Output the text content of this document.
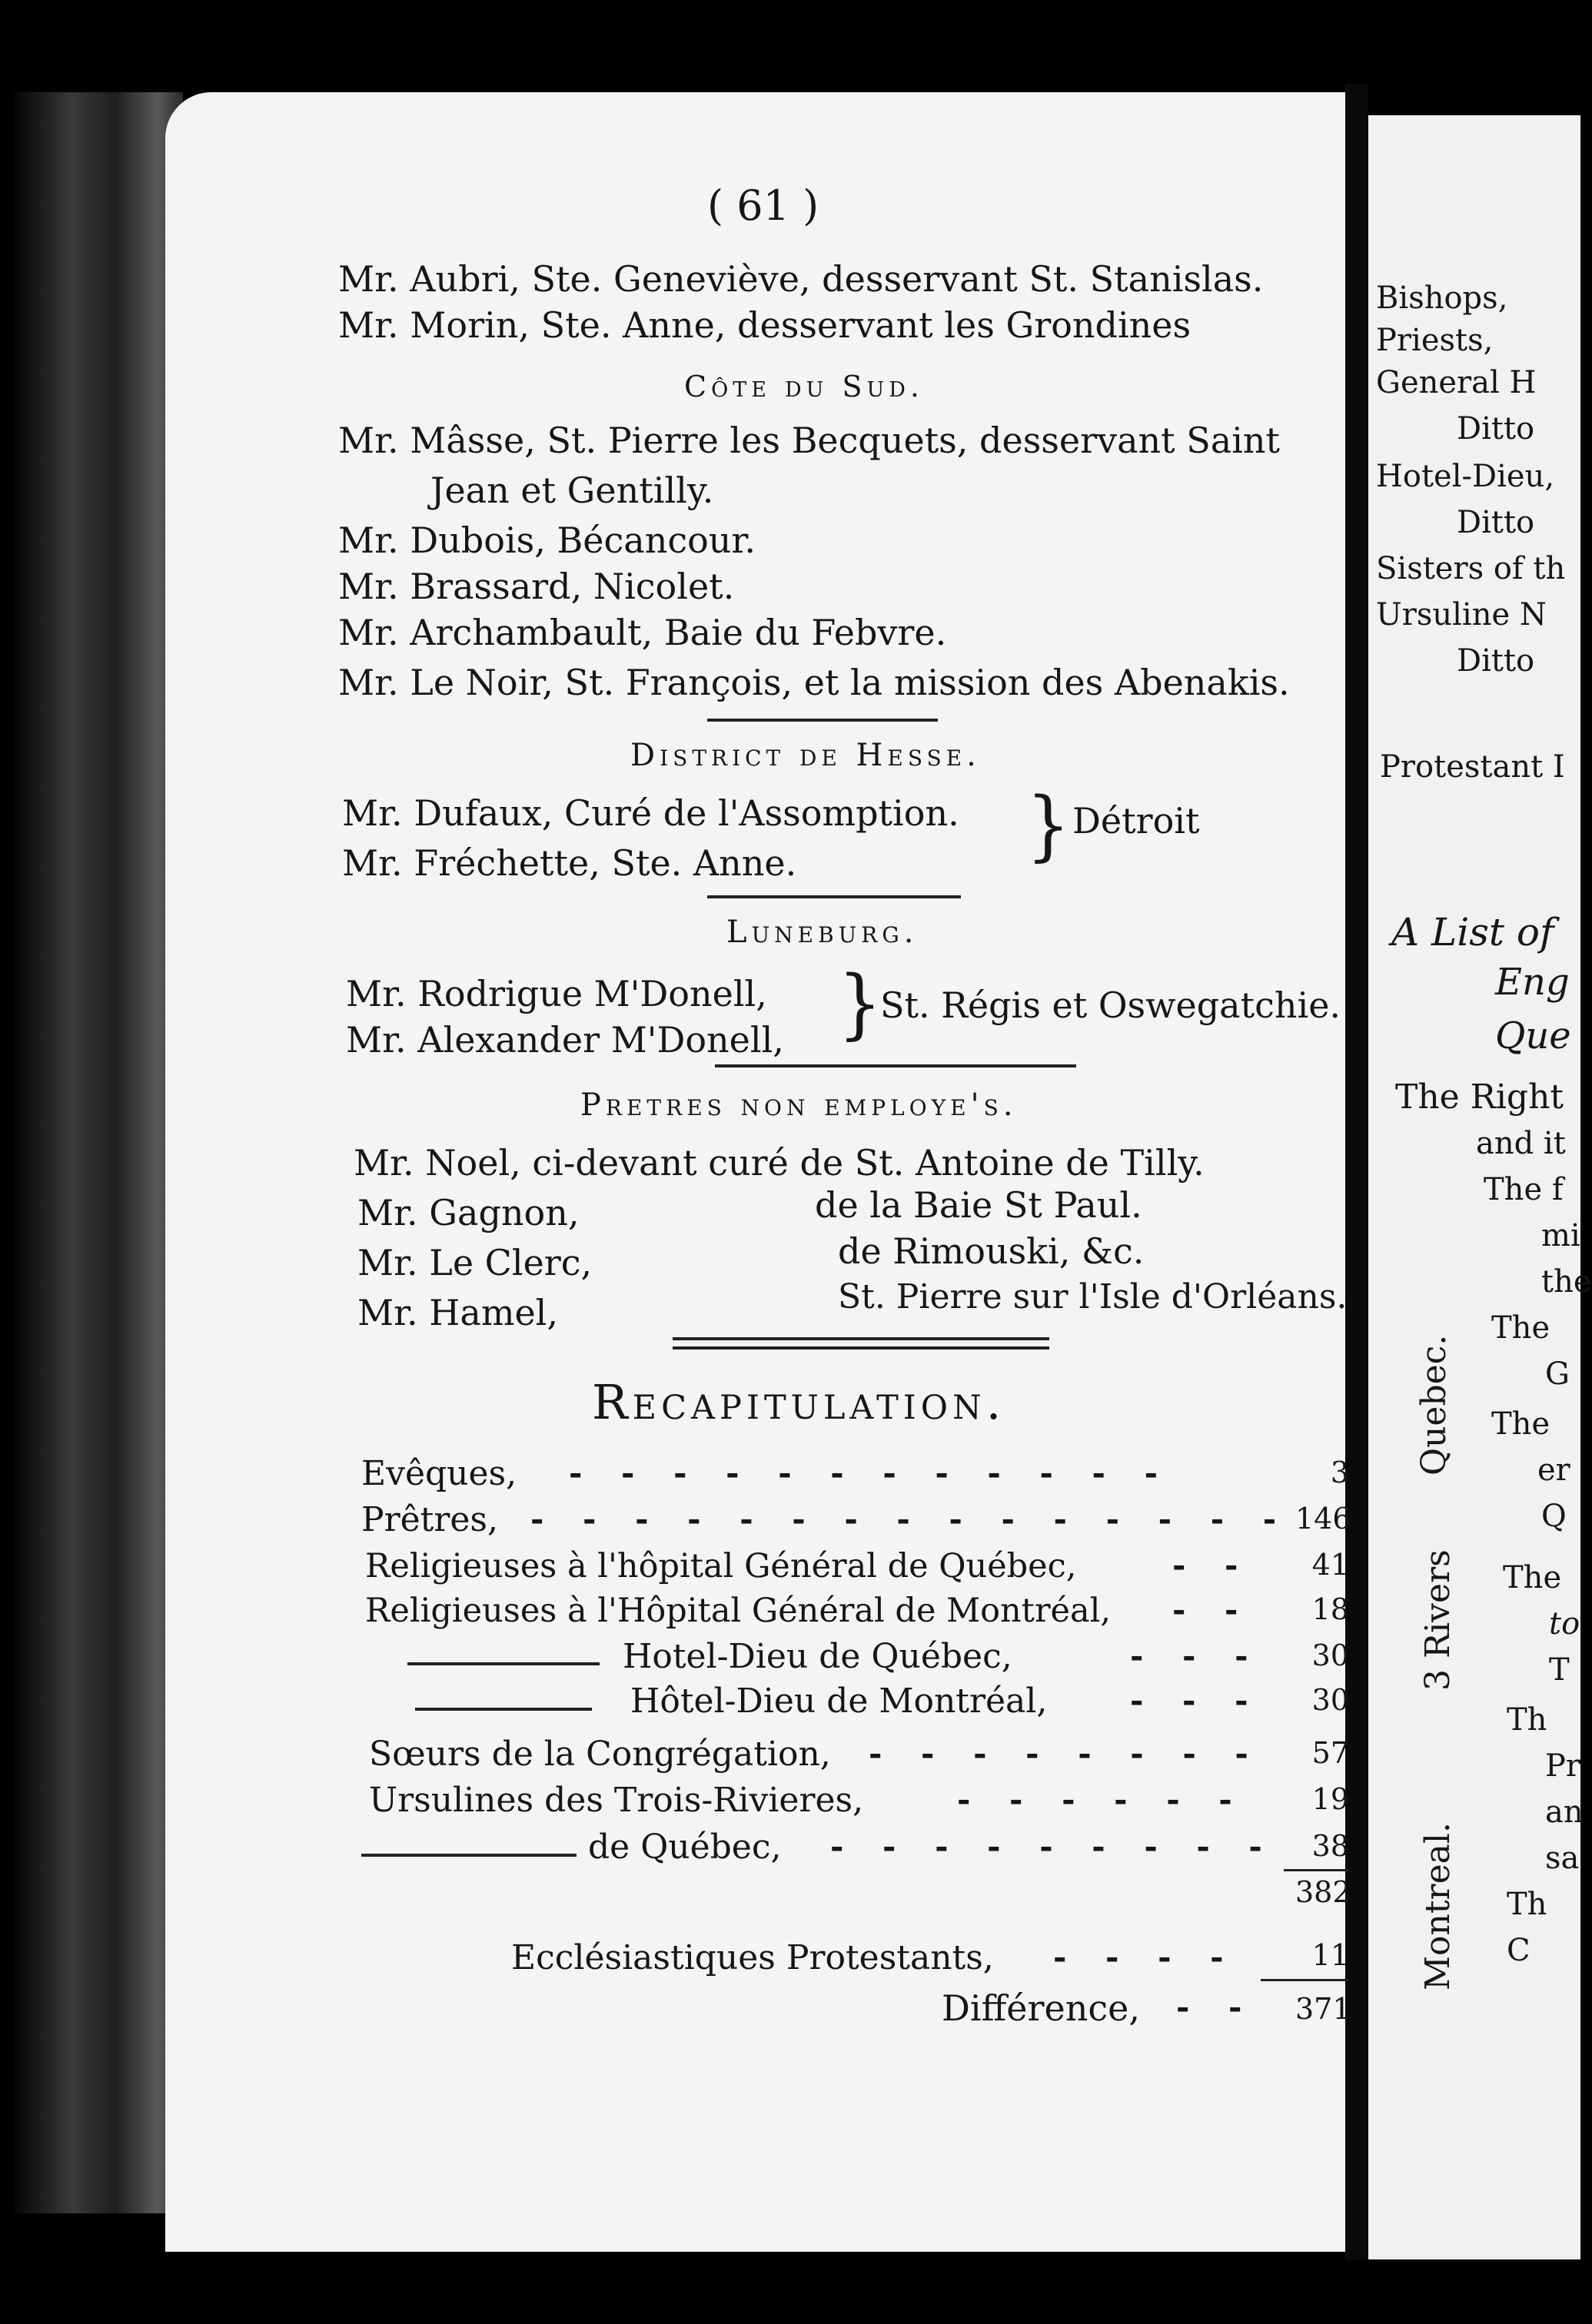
( 61 )
Mr. Aubri, Ste. Geneviève, desservant St. Stanislas.
Mr. Morin, Ste. Anne, desservant les Grondines
Côte du Sud.
Mr. Mâsse, St. Pierre les Becquets, desservant Saint
Jean et Gentilly.
Mr. Dubois, Bécancour.
Mr. Brassard, Nicolet.
Mr. Archambault, Baie du Febvre.
Mr. Le Noir, St. François, et la mission des Abenakis.
District de Hesse.
Mr. Dufaux, Curé de l'Assomption.
Mr. Fréchette, Ste. Anne.	} Détroit
Luneburg.
Mr. Rodrigue M'Donell,
Mr. Alexander M'Donell, }
St. Régis et Oswegatchie.
Pretres non employe's.
Mr. Noel, ci-devant curé de St. Antoine de Tilly.
Mr. Gagnon,	de la Baie St Paul.
Mr. Le Clerc,	de Rimouski, &c.
Mr. Hamel,	St. Pierre sur l'Isle d'Orléans.
Recapitulation.
Evêques, - - - - - - - - - - - -	3
Prêtres, - - - - - - - - - - - - - - - 146
Religieuses à l'hôpital Général de Québec,	- -	41
Religieuses à l'Hôpital Général de Montréal, - -	18
Hotel-Dieu de Québec,	- - -	30
Hôtel-Dieu de Montréal,	- - -	30
Sœurs de la Congrégation, - - - - - - - -	57
Ursulines des Trois-Rivieres,	- - - - - -	19
de Québec, - - - - - - - - -	38
382
Ecclésiastiques Protestants, - - - -	11
Différence, - - 371
Bishops,
Priests,
General H
Ditto
Hotel-Dieu,
Ditto
Sisters of th
Ursuline N
Ditto
Protestant I
A List of
Eng
Que
The Right
and it
Quebec.
The f
mi
the
The
G
The
er
Q
3 Rivers The
to
T
Montreal.
Th
Pr
an
sa
Th
C
